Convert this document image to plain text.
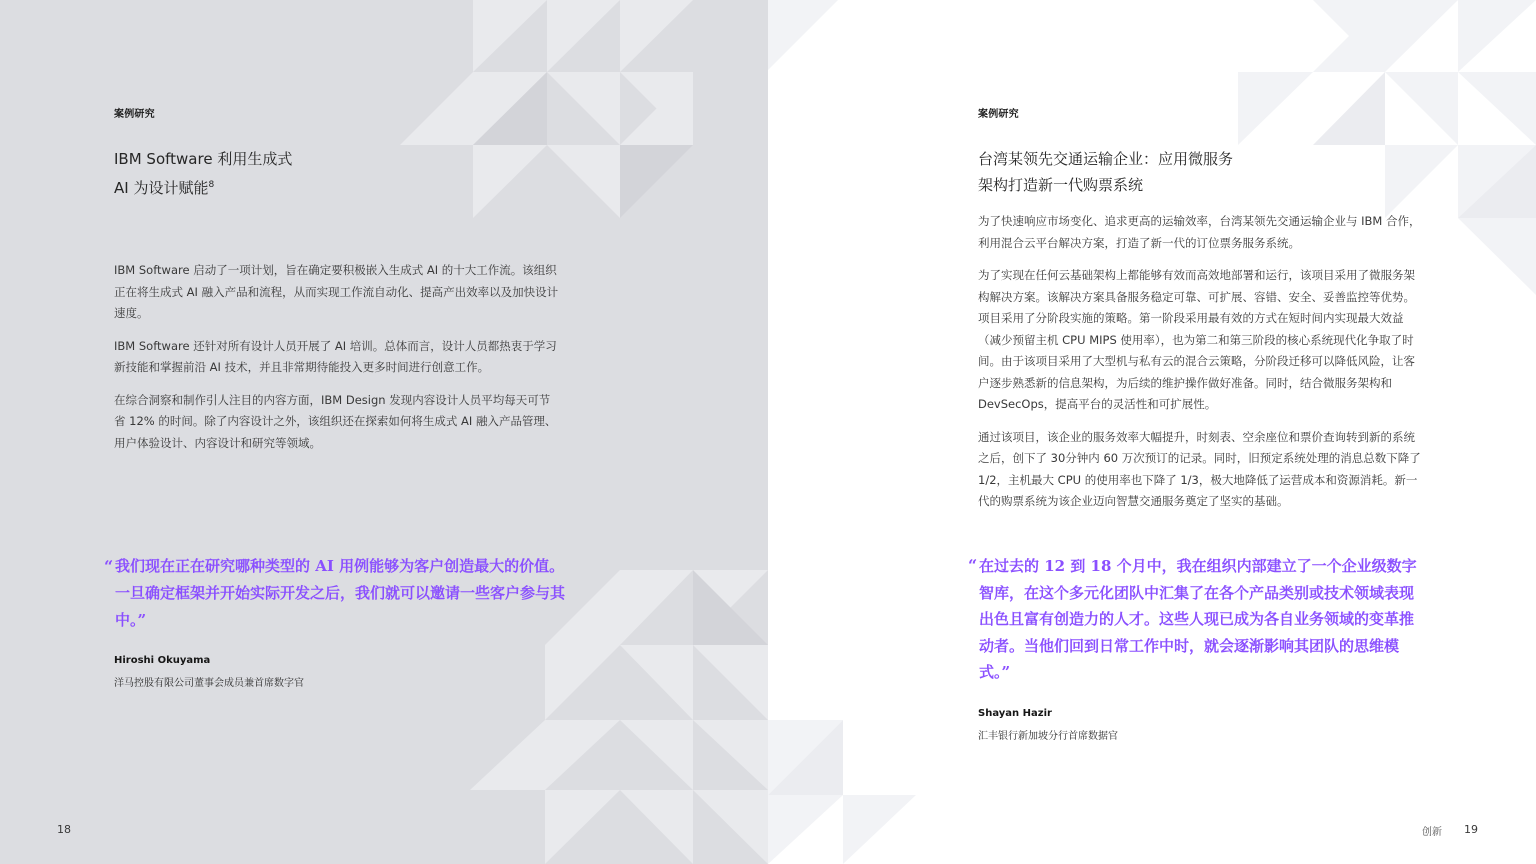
案例研究
IBM Software 利用生成式
AI 为设计赋能$^8$

IBM Software 启动了一项计划，旨在确定要积极嵌入生成式 AI 的十大工作流。该组织正在将生成式 AI 融入产品和流程，从而实现工作流自动化、提高产出效率以及加快设计速度。

IBM Software 还针对所有设计人员开展了 AI 培训。总体而言，设计人员都热衷于学习新技能和掌握前沿 AI 技术，并且非常期待能投入更多时间进行创意工作。

在综合洞察和制作引人注目的内容方面，IBM Design 发现内容设计人员平均每天可节省 12% 的时间。除了内容设计之外，该组织还在探索如何将生成式 AI 融入产品管理、用户体验设计、内容设计和研究等领域。

“ 我们现在正在研究哪种类型的 AI 用例能够为客户创造最大的价值。一旦确定框架并开始实际开发之后，我们就可以邀请一些客户参与其中。”

Hiroshi Okuyama
洋马控股有限公司董事会成员兼首席数字官
18
案例研究
台湾某领先交通运输企业：应用微服务
架构打造新一代购票系统

为了快速响应市场变化、追求更高的运输效率，台湾某领先交通运输企业与 IBM 合作，利用混合云平台解决方案，打造了新一代的订位票务服务系统。

为了实现在任何云基础架构上都能够有效而高效地部署和运行，该项目采用了微服务架构解决方案。该解决方案具备服务稳定可靠、可扩展、容错、安全、妥善监控等优势。项目采用了分阶段实施的策略。第一阶段采用最有效的方式在短时间内实现最大效益（减少预留主机 CPU MIPS 使用率），也为第二和第三阶段的核心系统现代化争取了时间。由于该项目采用了大型机与私有云的混合云策略，分阶段迁移可以降低风险，让客户逐步熟悉新的信息架构，为后续的维护操作做好准备。同时，结合微服务架构和 DevSecOps，提高平台的灵活性和可扩展性。

通过该项目，该企业的服务效率大幅提升，时刻表、空余座位和票价查询转到新的系统之后，创下了 30分钟内 60 万次预订的记录。同时，旧预定系统处理的消息总数下降了 1/2，主机最大 CPU 的使用率也下降了 1/3，极大地降低了运营成本和资源消耗。新一代的购票系统为该企业迈向智慧交通服务奠定了坚实的基础。

“ 在过去的 12 到 18 个月中，我在组织内部建立了一个企业级数字智库，在这个多元化团队中汇集了在各个产品类别或技术领域表现出色且富有创造力的人才。这些人现已成为各自业务领域的变革推动者。当他们回到日常工作中时，就会逐渐影响其团队的思维模式。”

Shayan Hazir
汇丰银行新加坡分行首席数据官
创新 19
